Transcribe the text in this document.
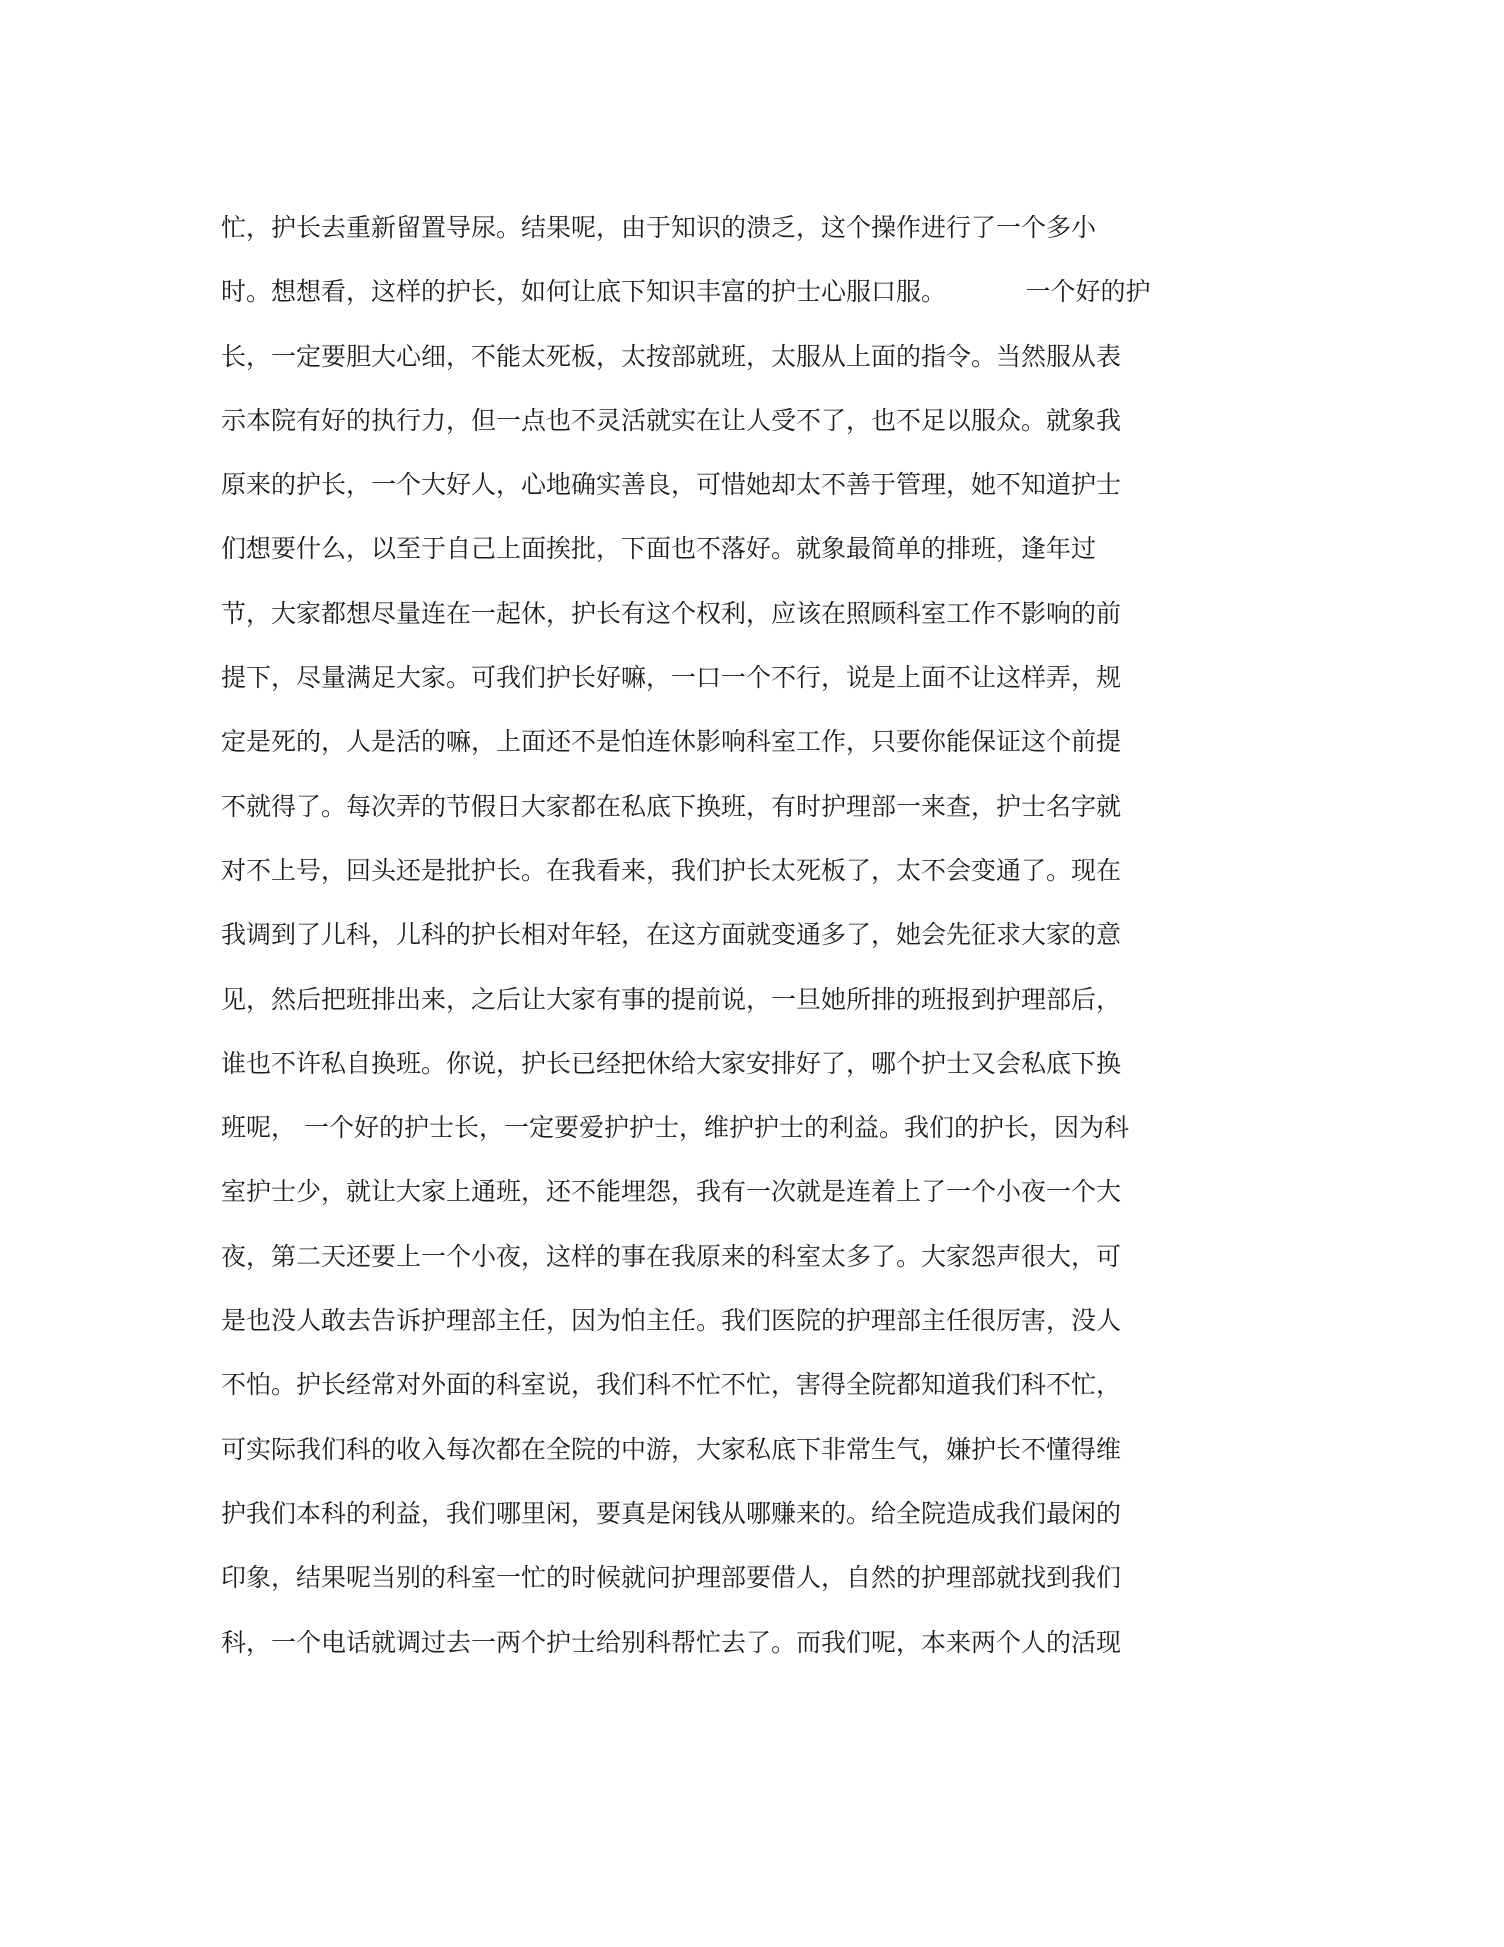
忙，护长去重新留置导尿。结果呢，由于知识的溃乏，这个操作进行了一个多小
时。想想看，这样的护长，如何让底下知识丰富的护士心服口服。          一个好的护
长，一定要胆大心细，不能太死板，太按部就班，太服从上面的指令。当然服从表
示本院有好的执行力，但一点也不灵活就实在让人受不了，也不足以服众。就象我
原来的护长，一个大好人，心地确实善良，可惜她却太不善于管理，她不知道护士
们想要什么，以至于自己上面挨批，下面也不落好。就象最简单的排班，逢年过
节，大家都想尽量连在一起休，护长有这个权利，应该在照顾科室工作不影响的前
提下，尽量满足大家。可我们护长好嘛，一口一个不行，说是上面不让这样弄，规
定是死的，人是活的嘛，上面还不是怕连休影响科室工作，只要你能保证这个前提
不就得了。每次弄的节假日大家都在私底下换班，有时护理部一来查，护士名字就
对不上号，回头还是批护长。在我看来，我们护长太死板了，太不会变通了。现在
我调到了儿科，儿科的护长相对年轻，在这方面就变通多了，她会先征求大家的意
见，然后把班排出来，之后让大家有事的提前说，一旦她所排的班报到护理部后，
谁也不许私自换班。你说，护长已经把休给大家安排好了，哪个护士又会私底下换
班呢， 一个好的护士长，一定要爱护护士，维护护士的利益。我们的护长，因为科
室护士少，就让大家上通班，还不能埋怨，我有一次就是连着上了一个小夜一个大
夜，第二天还要上一个小夜，这样的事在我原来的科室太多了。大家怨声很大，可
是也没人敢去告诉护理部主任，因为怕主任。我们医院的护理部主任很厉害，没人
不怕。护长经常对外面的科室说，我们科不忙不忙，害得全院都知道我们科不忙，
可实际我们科的收入每次都在全院的中游，大家私底下非常生气，嫌护长不懂得维
护我们本科的利益，我们哪里闲，要真是闲钱从哪赚来的。给全院造成我们最闲的
印象，结果呢当别的科室一忙的时候就问护理部要借人，自然的护理部就找到我们
科，一个电话就调过去一两个护士给别科帮忙去了。而我们呢，本来两个人的活现
